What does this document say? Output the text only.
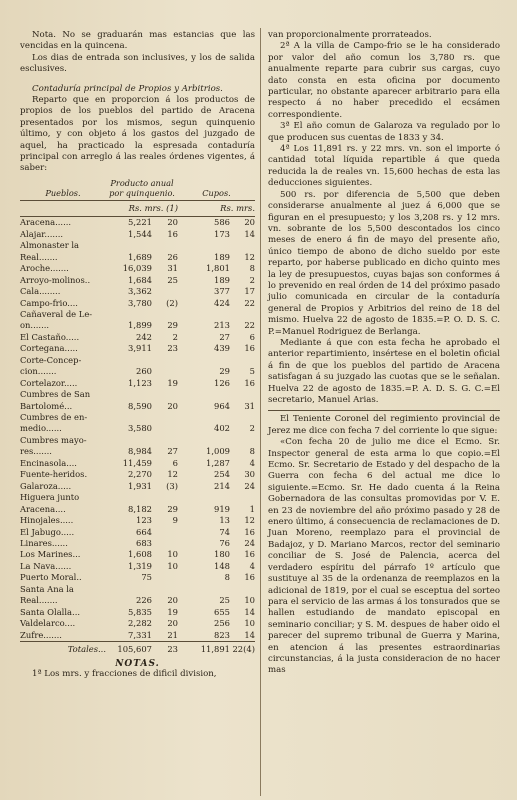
Nota. No se graduarán mas estancias que las vencidas en la quincena.

Los dias de entrada son inclusives, y los de salida esclusives.

Contaduría principal de Propios y Arbitrios.

Reparto que en proporcion á los productos de propios de los pueblos del partido de Aracena presentados por los mismos, segun quinquenio último, y con objeto á los gastos del juzgado de aquel, ha practicado la espresada contaduría principal con arreglo á las reales órdenes vigentes, á saber:

Pueblos.	Producto anual por quinquenio.		Cupos.	
	Rs. mrs. (1)		Rs. mrs.	
Aracena......	5,221	20	586	20
Alajar.......	1,544	16	173	14
Almonaster la				
Real.......	1,689	26	189	12
Aroche.......	16,039	31	1,801	8
Arroyo-molinos..	1,684	25	189	2
Cala........	3,362		377	17
Campo-frio....	3,780	(2)	424	22
Cañaveral de Le-				
on.......	1,899	29	213	22
El Castaño.....	242	2	27	6
Cortegana.....	3,911	23	439	16
Corte-Concep-				
cion.......	260		29	5
Cortelazor.....	1,123	19	126	16
Cumbres de San				
Bartolomé...	8,590	20	964	31
Cumbres de en-				
medio......	3,580		402	2
Cumbres mayo-				
res.......	8,984	27	1,009	8
Encinasola....	11,459	6	1,287	4
Fuente-heridos.	2,270	12	254	30
Galaroza.....	1,931	(3)	214	24
Higuera junto				
Aracena....	8,182	29	919	1
Hinojales.....	123	9	13	12
El Jabugo.....	664		74	16
Linares......	683		76	24
Los Marines...	1,608	10	180	16
La Nava......	1,319	10	148	4
Puerto Moral..	75		8	16
Santa Ana la				
Real.......	226	20	25	10
Santa Olalla...	5,835	19	655	14
Valdelarco....	2,282	20	256	10
Zufre.......	7,331	21	823	14
Totales...	105,607	23	11,891	22(4)
NOTAS.

1ª Los mrs. y fracciones de dificil division,

van proporcionalmente prorrateados.

2ª A la villa de Campo-frio se le ha considerado por valor del año comun los 3,780 rs. que anualmente reparte para cubrir sus cargas, cuyo dato consta en esta oficina por documento particular, no obstante aparecer arbitrario para ella respecto á no haber precedido el ecsámen correspondiente.

3ª El año comun de Galaroza va regulado por lo que producen sus cuentas de 1833 y 34.

4ª Los 11,891 rs. y 22 mrs. vn. son el importe ó cantidad total líquida repartible á que queda reducida la de reales vn. 15,600 hechas de esta las deducciones siguientes.

500 rs. por diferencia de 5,500 que deben considerarse anualmente al juez á 6,000 que se figuran en el presupuesto; y los 3,208 rs. y 12 mrs. vn. sobrante de los 5,500 descontados los cinco meses de enero á fin de mayo del presente año, único tiempo de abono de dicho sueldo por este reparto, por haberse publicado en dicho quinto mes la ley de presupuestos, cuyas bajas son conformes á lo prevenido en real órden de 14 del próximo pasado julio comunicada en circular de la contaduría general de Propios y Arbitrios del reino de 18 del mismo. Huelva 22 de agosto de 1835.=P. O. D. S. C. P.=Manuel Rodriguez de Berlanga.

Mediante á que con esta fecha he aprobado el anterior repartimiento, insértese en el boletin oficial á fin de que los pueblos del partido de Aracena satisfagan á su juzgado las cuotas que se le señalan. Huelva 22 de agosto de 1835.=P. A. D. S. G. C.=El secretario, Manuel Arias.

El Teniente Coronel del regimiento provincial de Jerez me dice con fecha 7 del corriente lo que sigue:

«Con fecha 20 de julio me dice el Ecmo. Sr. Inspector general de esta arma lo que copio.=El Ecmo. Sr. Secretario de Estado y del despacho de la Guerra con fecha 6 del actual me dice lo siguiente.=Ecmo. Sr. He dado cuenta á la Reina Gobernadora de las consultas promovidas por V. E. en 23 de noviembre del año próximo pasado y 28 de enero último, á consecuencia de reclamaciones de D. Juan Moreno, reemplazo para el provincial de Badajoz, y D. Mariano Marcos, rector del seminario conciliar de S. José de Palencia, acerca del verdadero espíritu del párrafo 1º artículo que sustituye al 35 de la ordenanza de reemplazos en la adicional de 1819, por el cual se esceptua del sorteo para el servicio de las armas á los tonsurados que se hallen estudiando de mandato episcopal en seminario conciliar; y S. M. despues de haber oido el parecer del supremo tribunal de Guerra y Marina, en atencion á las presentes estraordinarias circunstancias, á la justa consideracion de no hacer mas
